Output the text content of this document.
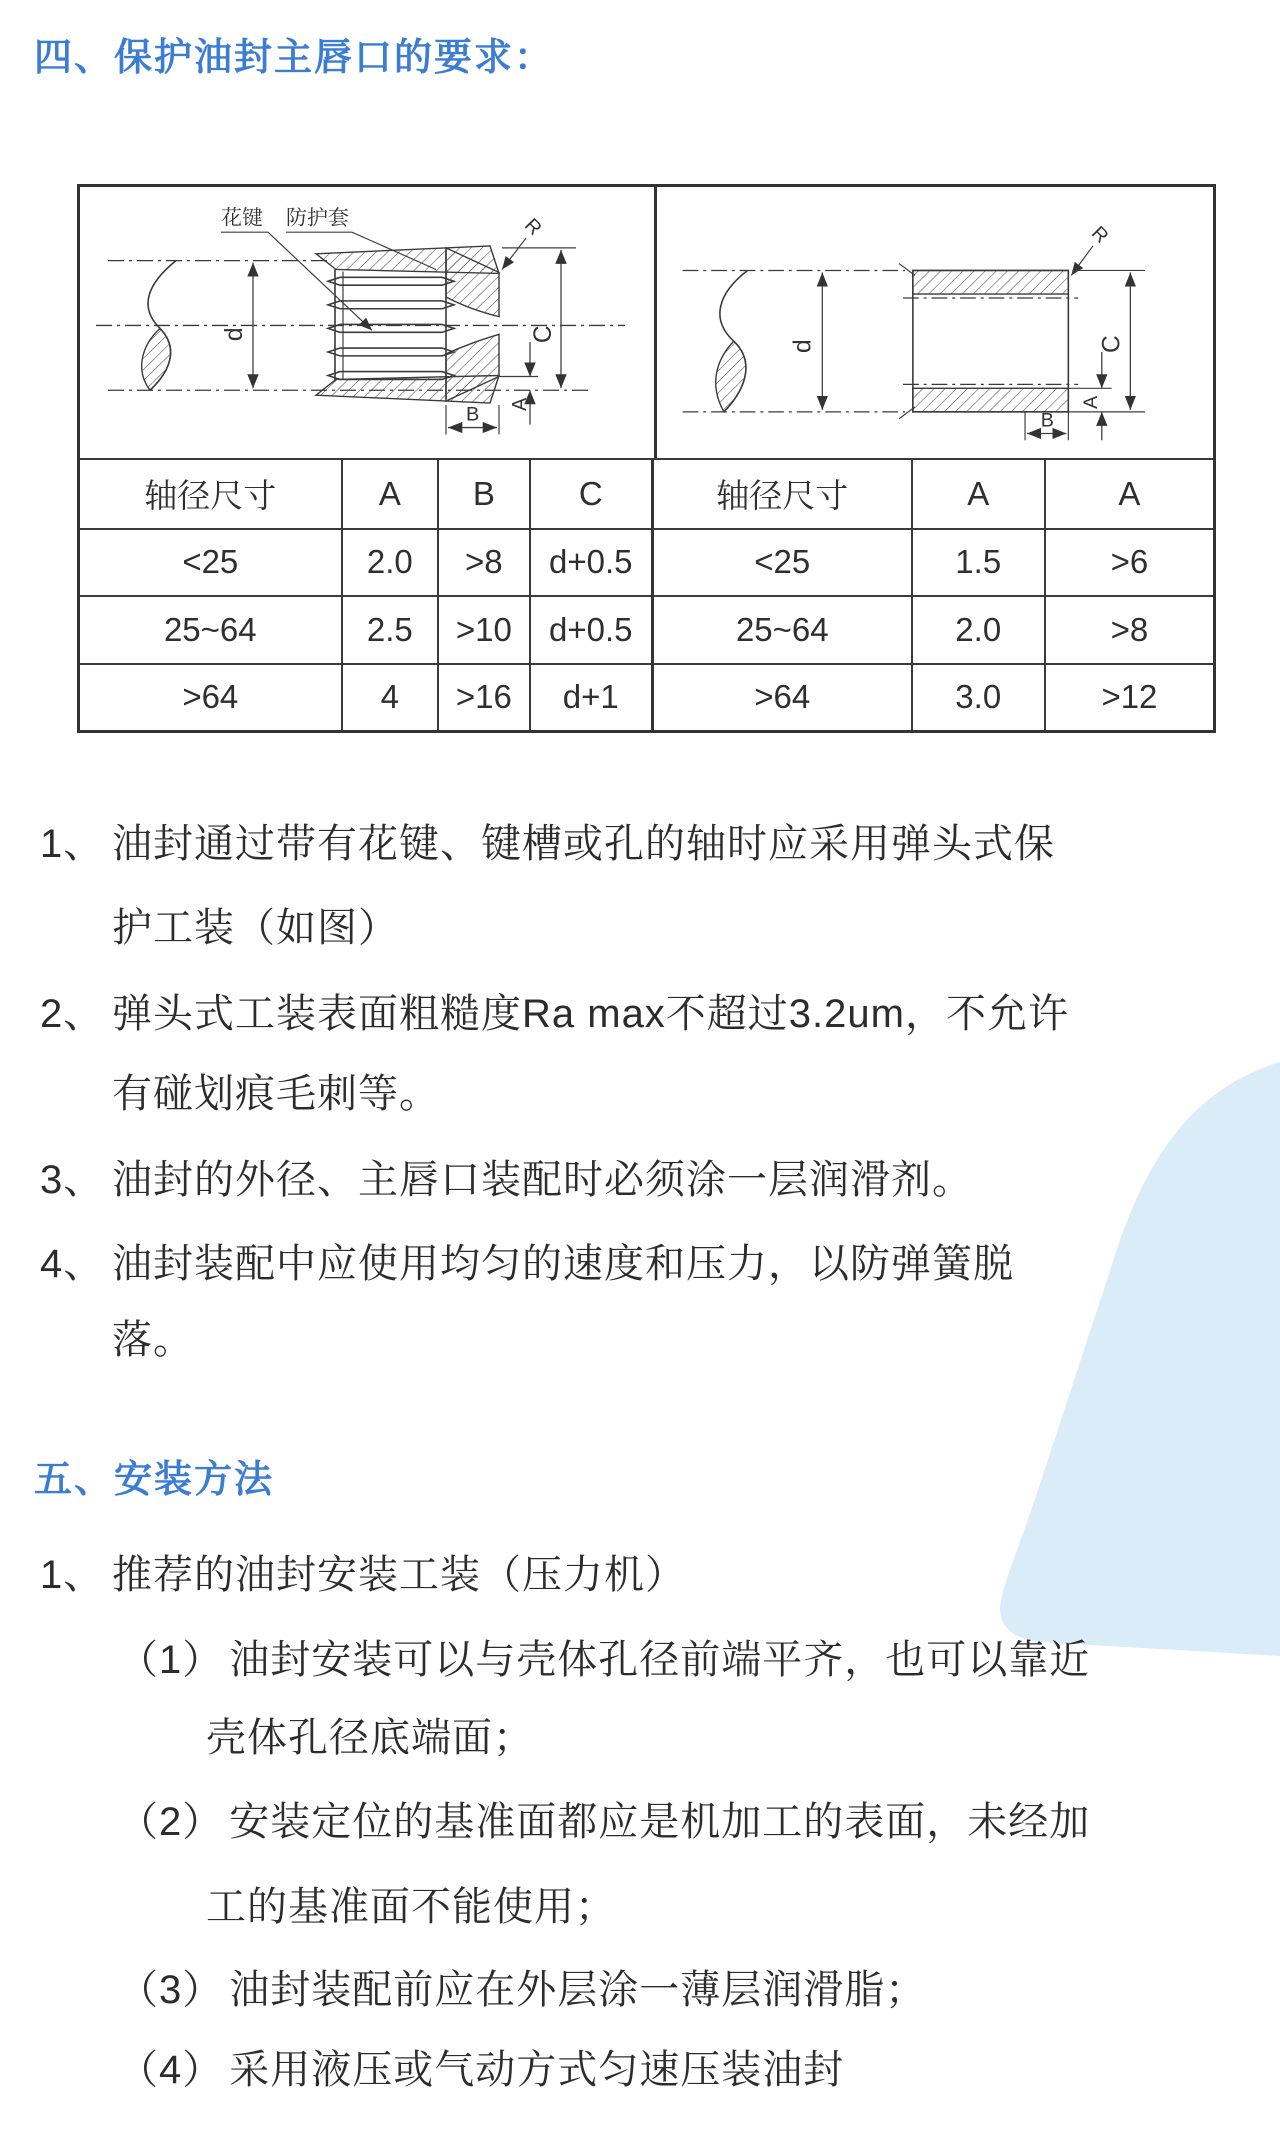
四、保护油封主唇口的要求：
花键 防护套	R
d	C
A
B
R
d	C
A
B
轴径尺寸	A	B	C	轴径尺寸	A	A
<25	2.0	>8	d+0.5	<25	1.5	>6
25~64	2.5	>10	d+0.5	25~64	2.0	>8
>64	4	>16	d+1	>64	3.0	>12
1、 油封通过带有花键、键槽或孔的轴时应采用弹头式保
护工装（如图）
2、 弹头式工装表面粗糙度Ra max不超过3.2um，不允许
有碰划痕毛刺等。
3、 油封的外径、主唇口装配时必须涂一层润滑剂。
4、 油封装配中应使用均匀的速度和压力，以防弹簧脱
落。
五、安装方法
1、 推荐的油封安装工装（压力机）
（1） 油封安装可以与壳体孔径前端平齐，也可以靠近
壳体孔径底端面；
（2） 安装定位的基准面都应是机加工的表面，未经加
工的基准面不能使用；
（3） 油封装配前应在外层涂一薄层润滑脂；
（4） 采用液压或气动方式匀速压装油封
